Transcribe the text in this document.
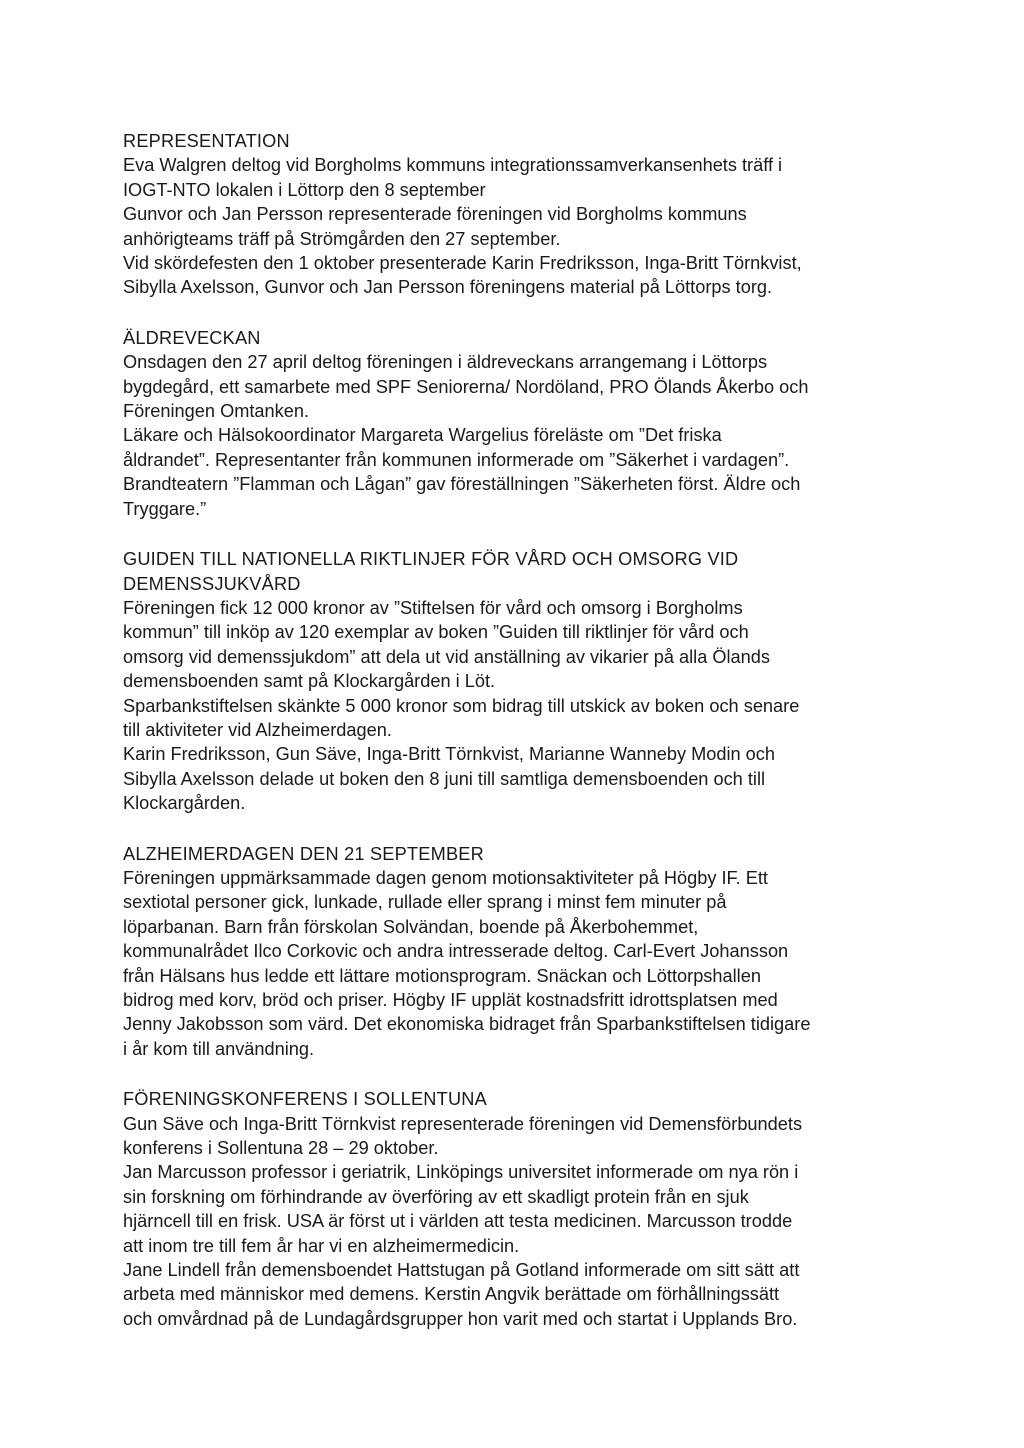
REPRESENTATION

Eva Walgren deltog vid Borgholms kommuns integrationssamverkansenhets träff i
IOGT-NTO lokalen i Löttorp den 8 september

Gunvor och Jan Persson representerade föreningen vid Borgholms kommuns
anhörigteams träff på Strömgården den 27 september.

Vid skördefesten den 1 oktober presenterade Karin Fredriksson, Inga-Britt Törnkvist,
Sibylla Axelsson, Gunvor och Jan Persson föreningens material på Löttorps torg.

ÄLDREVECKAN

Onsdagen den 27 april deltog föreningen i äldreveckans arrangemang i Löttorps
bygdegård, ett samarbete med SPF Seniorerna/ Nordöland, PRO Ölands Åkerbo och
Föreningen Omtanken.

Läkare och Hälsokoordinator Margareta Wargelius föreläste om ”Det friska
åldrandet”. Representanter från kommunen informerade om ”Säkerhet i vardagen”.

Brandteatern ”Flamman och Lågan” gav föreställningen ”Säkerheten först. Äldre och
Tryggare.”

GUIDEN TILL NATIONELLA RIKTLINJER FÖR VÅRD OCH OMSORG VID
DEMENSSJUKVÅRD

Föreningen fick 12 000 kronor av ”Stiftelsen för vård och omsorg i Borgholms
kommun” till inköp av 120 exemplar av boken ”Guiden till riktlinjer för vård och
omsorg vid demenssjukdom” att dela ut vid anställning av vikarier på alla Ölands
demensboenden samt på Klockargården i Löt.

Sparbankstiftelsen skänkte 5 000 kronor som bidrag till utskick av boken och senare
till aktiviteter vid Alzheimerdagen.

Karin Fredriksson, Gun Säve, Inga-Britt Törnkvist, Marianne Wanneby Modin och
Sibylla Axelsson delade ut boken den 8 juni till samtliga demensboenden och till
Klockargården.

ALZHEIMERDAGEN DEN 21 SEPTEMBER

Föreningen uppmärksammade dagen genom motionsaktiviteter på Högby IF. Ett
sextiotal personer gick, lunkade, rullade eller sprang i minst fem minuter på
löparbanan. Barn från förskolan Solvändan, boende på Åkerbohemmet,
kommunalrådet Ilco Corkovic och andra intresserade deltog. Carl-Evert Johansson
från Hälsans hus ledde ett lättare motionsprogram. Snäckan och Löttorpshallen
bidrog med korv, bröd och priser. Högby IF upplät kostnadsfritt idrottsplatsen med
Jenny Jakobsson som värd. Det ekonomiska bidraget från Sparbankstiftelsen tidigare
i år kom till användning.

FÖRENINGSKONFERENS I SOLLENTUNA

Gun Säve och Inga-Britt Törnkvist representerade föreningen vid Demensförbundets
konferens i Sollentuna 28 – 29 oktober.

Jan Marcusson professor i geriatrik, Linköpings universitet informerade om nya rön i
sin forskning om förhindrande av överföring av ett skadligt protein från en sjuk
hjärncell till en frisk. USA är först ut i världen att testa medicinen. Marcusson trodde
att inom tre till fem år har vi en alzheimermedicin.

Jane Lindell från demensboendet Hattstugan på Gotland informerade om sitt sätt att
arbeta med människor med demens. Kerstin Angvik berättade om förhållningssätt
och omvårdnad på de Lundagårdsgrupper hon varit med och startat i Upplands Bro.
